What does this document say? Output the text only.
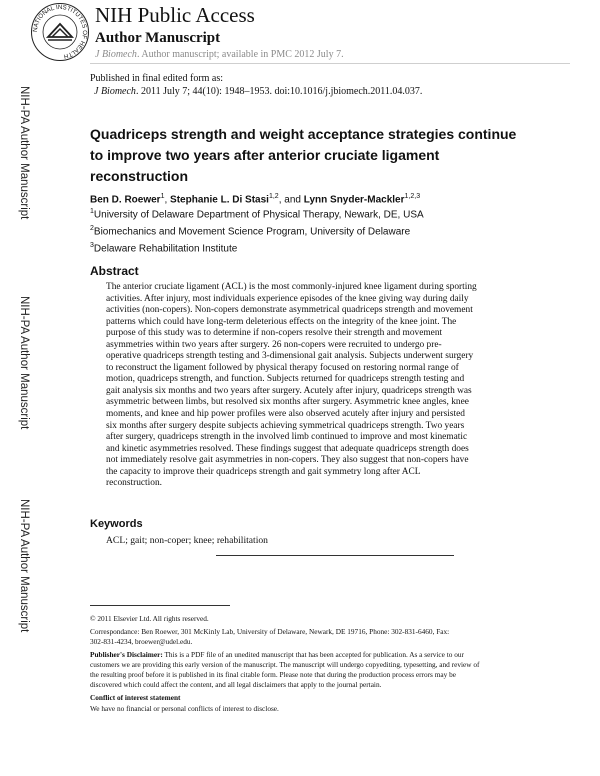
NATIONAL INSTITUTES OF HEALTH
NIH Public Access
Author Manuscript
J Biomech. Author manuscript; available in PMC 2012 July 7.
Published in final edited form as:
J Biomech. 2011 July 7; 44(10): 1948–1953. doi:10.1016/j.jbiomech.2011.04.037.
NIH-PA Author Manuscript
NIH-PA Author Manuscript
NIH-PA Author Manuscript
Quadriceps strength and weight acceptance strategies continue
to improve two years after anterior cruciate ligament
reconstruction
Ben D. Roewer$^1$, Stephanie L. Di Stasi$^{1,2}$, and Lynn Snyder-Mackler$^{1,2,3}$
$^1$University of Delaware Department of Physical Therapy, Newark, DE, USA
$^2$Biomechanics and Movement Science Program, University of Delaware
$^3$Delaware Rehabilitation Institute
Abstract
The anterior cruciate ligament (ACL) is the most commonly-injured knee ligament during sporting
activities. After injury, most individuals experience episodes of the knee giving way during daily
activities (non-copers). Non-copers demonstrate asymmetrical quadriceps strength and movement
patterns which could have long-term deleterious effects on the integrity of the knee joint. The
purpose of this study was to determine if non-copers resolve their strength and movement
asymmetries within two years after surgery. 26 non-copers were recruited to undergo pre-
operative quadriceps strength testing and 3-dimensional gait analysis. Subjects underwent surgery
to reconstruct the ligament followed by physical therapy focused on restoring normal range of
motion, quadriceps strength, and function. Subjects returned for quadriceps strength testing and
gait analysis six months and two years after surgery. Acutely after injury, quadriceps strength was
asymmetric between limbs, but resolved six months after surgery. Asymmetric knee angles, knee
moments, and knee and hip power profiles were also observed acutely after injury and persisted
six months after surgery despite subjects achieving symmetrical quadriceps strength. Two years
after surgery, quadriceps strength in the involved limb continued to improve and most kinematic
and kinetic asymmetries resolved. These findings suggest that adequate quadriceps strength does
not immediately resolve gait asymmetries in non-copers. They also suggest that non-copers have
the capacity to improve their quadriceps strength and gait symmetry long after ACL
reconstruction.
Keywords
ACL; gait; non-coper; knee; rehabilitation
© 2011 Elsevier Ltd. All rights reserved.
Correspondance: Ben Roewer, 301 McKinly Lab, University of Delaware, Newark, DE 19716, Phone: 302-831-6460, Fax:
302-831-4234, broewer@udel.edu.
Publisher's Disclaimer: This is a PDF file of an unedited manuscript that has been accepted for publication. As a service to our
customers we are providing this early version of the manuscript. The manuscript will undergo copyediting, typesetting, and review of
the resulting proof before it is published in its final citable form. Please note that during the production process errors may be
discovered which could affect the content, and all legal disclaimers that apply to the journal pertain.
Conflict of interest statement
We have no financial or personal conflicts of interest to disclose.
